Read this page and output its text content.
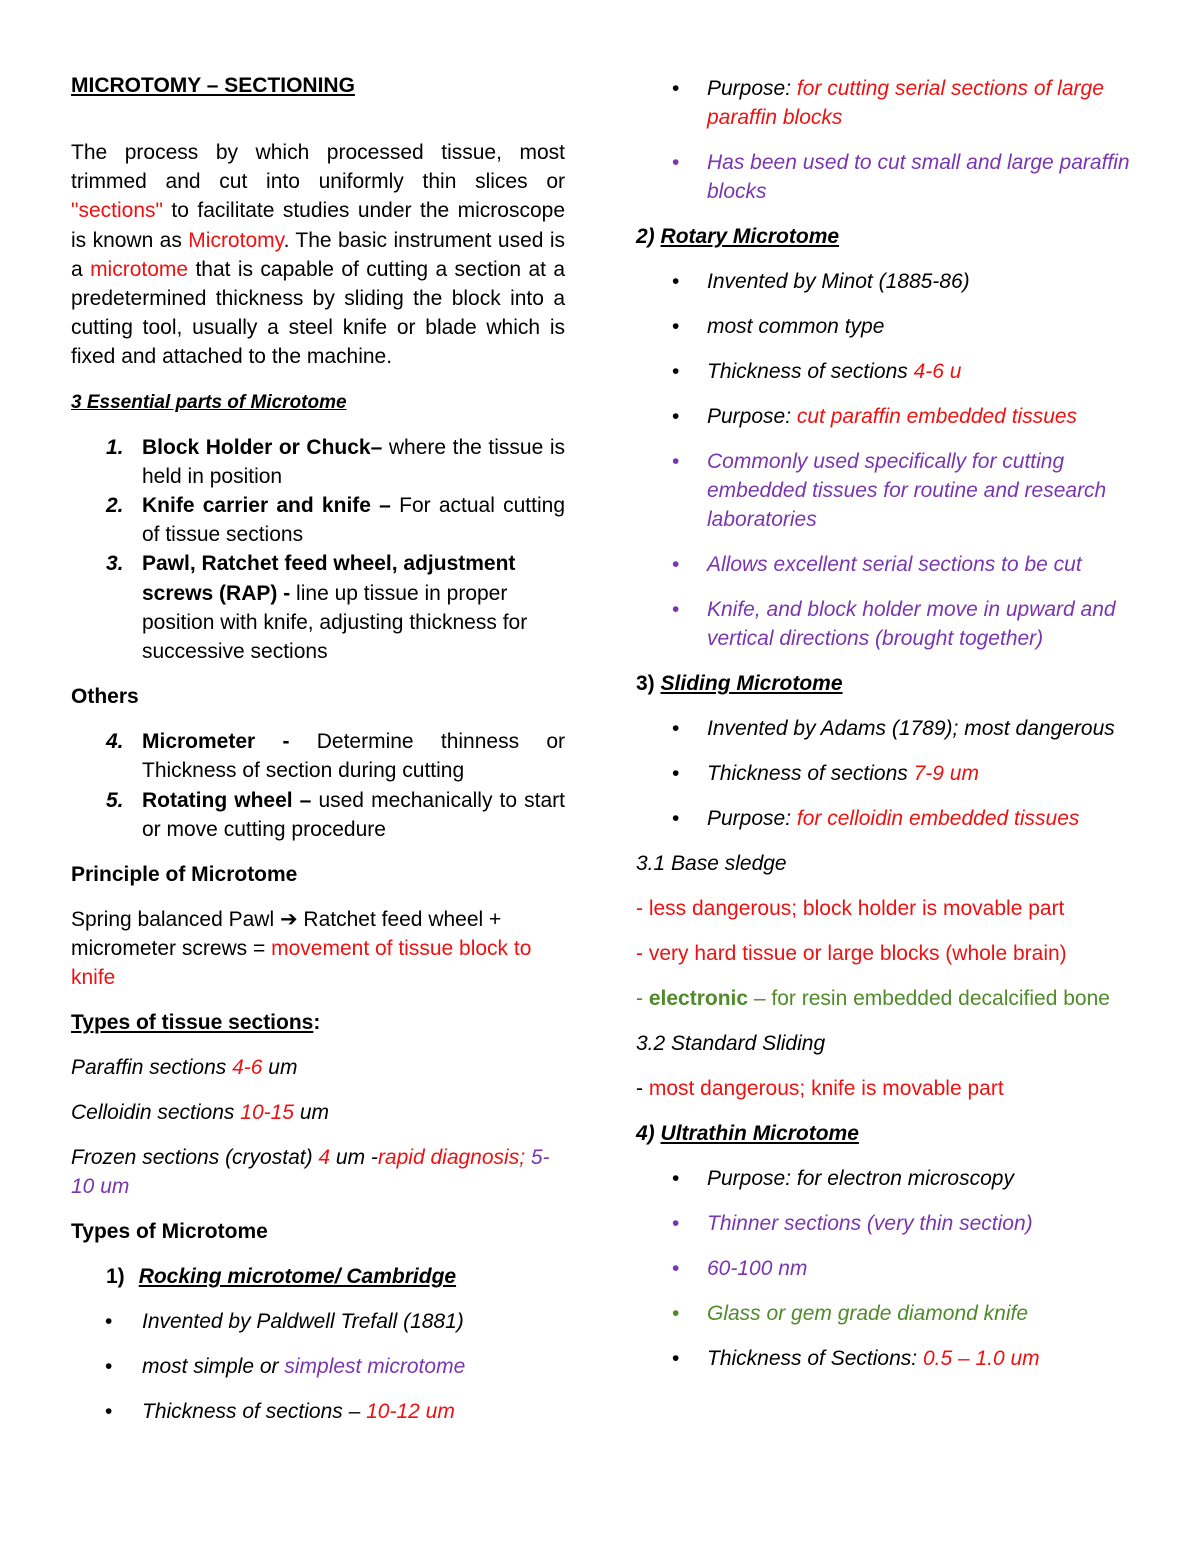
MICROTOMY – SECTIONING

The process by which processed tissue, most trimmed and cut into uniformly thin slices or "sections" to facilitate studies under the microscope is known as Microtomy. The basic instrument used is a microtome that is capable of cutting a section at a predetermined thickness by sliding the block into a cutting tool, usually a steel knife or blade which is fixed and attached to the machine.

3 Essential parts of Microtome

1. Block Holder or Chuck– where the tissue is held in position
2. Knife carrier and knife – For actual cutting of tissue sections
3. Pawl, Ratchet feed wheel, adjustment screws (RAP) - line up tissue in proper position with knife, adjusting thickness for successive sections

Others

4. Micrometer - Determine thinness or Thickness of section during cutting
5. Rotating wheel – used mechanically to start or move cutting procedure

Principle of Microtome

Spring balanced Pawl ➔ Ratchet feed wheel + micrometer screws = movement of tissue block to knife

Types of tissue sections:

Paraffin sections 4-6 um

Celloidin sections 10-15 um

Frozen sections (cryostat) 4 um -rapid diagnosis; 5-10 um

Types of Microtome

1) Rocking microtome/ Cambridge

• Invented by Paldwell Trefall (1881)

• most simple or simplest microtome

• Thickness of sections – 10-12 um

• Purpose: for cutting serial sections of large paraffin blocks

• Has been used to cut small and large paraffin blocks

2) Rotary Microtome

• Invented by Minot (1885-86)

• most common type

• Thickness of sections 4-6 u

• Purpose: cut paraffin embedded tissues

• Commonly used specifically for cutting embedded tissues for routine and research laboratories

• Allows excellent serial sections to be cut

• Knife, and block holder move in upward and vertical directions (brought together)

3) Sliding Microtome

• Invented by Adams (1789); most dangerous

• Thickness of sections 7-9 um

• Purpose: for celloidin embedded tissues

3.1 Base sledge

- less dangerous; block holder is movable part

- very hard tissue or large blocks (whole brain)

- electronic – for resin embedded decalcified bone

3.2 Standard Sliding

- most dangerous; knife is movable part

4) Ultrathin Microtome

• Purpose: for electron microscopy

• Thinner sections (very thin section)

• 60-100 nm

• Glass or gem grade diamond knife

• Thickness of Sections: 0.5 – 1.0 um
